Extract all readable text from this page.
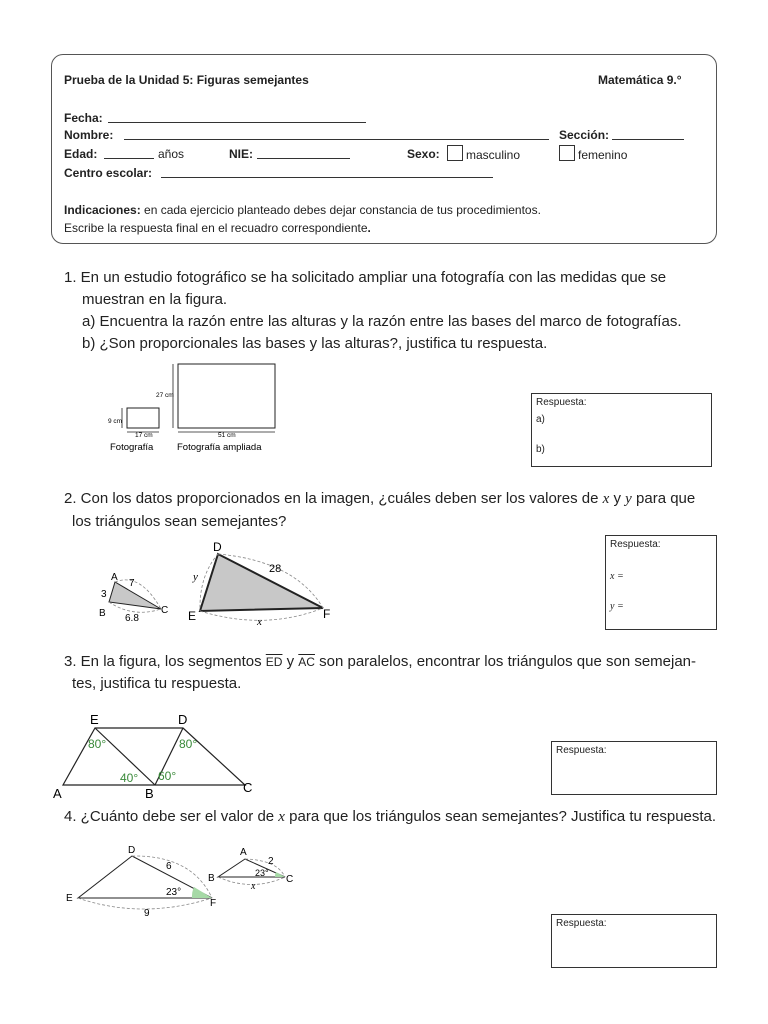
Prueba de la Unidad 5: Figuras semejantes	Matemática 9.°
Fecha:
Nombre:	Sección:
Edad:	años	NIE:	Sexo:	masculino	femenino
Centro escolar:
Indicaciones: en cada ejercicio planteado debes dejar constancia de tus procedimientos.
Escribe la respuesta final en el recuadro correspondiente.
1. En un estudio fotográfico se ha solicitado ampliar una fotografía con las medidas que se
muestran en la figura.
a) Encuentra la razón entre las alturas y la razón entre las bases del marco de fotografías.
b) ¿Son proporcionales las bases y las alturas?, justifica tu respuesta.
9 cm
17 cm
27 cm
51 cm
Fotografía Fotografía ampliada
Respuesta:
a)
b)
2. Con los datos proporcionados en la imagen, ¿cuáles deben ser los valores de x y y para que
los triángulos sean semejantes?
A
B	C
7
3
6.8
D
E	F
28
y
x
Respuesta:
x =
y =
3. En la figura, los segmentos $\overline{ED}$ y $\overline{AC}$ son paralelos, encontrar los triángulos que son semejan-
tes, justifica tu respuesta.
E	D
A	B	C
80°	80°
40° 60°
Respuesta:
4. ¿Cuánto debe ser el valor de x para que los triángulos sean semejantes? Justifica tu respuesta.
D
E	F
6
9
23°
A
B	C
2
23°
x
Respuesta:
